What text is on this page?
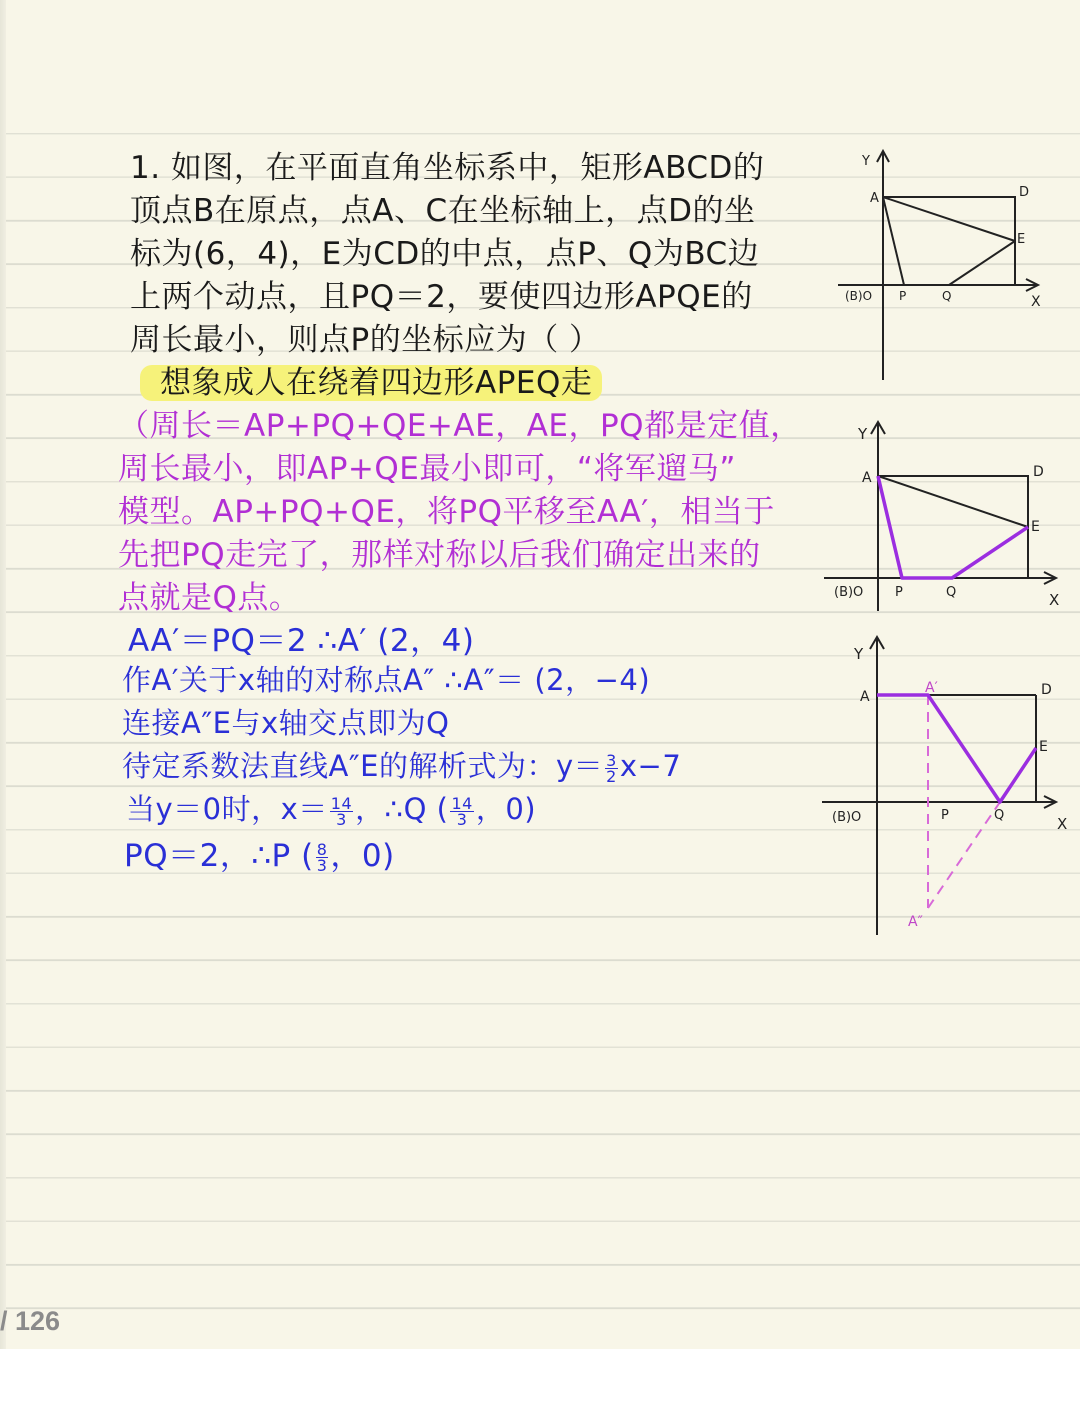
1. 如图，在平面直角坐标系中，矩形ABCD的
顶点B在原点，点A、C在坐标轴上，点D的坐
标为(6，4)，E为CD的中点，点P、Q为BC边
上两个动点，且PQ＝2，要使四边形APQE的
周长最小，则点P的坐标应为（ ）
想象成人在绕着四边形APEQ走
（周长＝AP+PQ+QE+AE，AE，PQ都是定值，
周长最小，即AP+QE最小即可，“将军遛马”
模型。AP+PQ+QE，将PQ平移至AA′，相当于
先把PQ走完了，那样对称以后我们确定出来的
点就是Q点。
AA′＝PQ＝2 ∴A′ (2，4)
作A′关于x轴的对称点A″ ∴A″＝ (2，−4)
连接A″E与x轴交点即为Q
待定系数法直线A″E的解析式为：$y= \frac{3}{2} x-7$
当y＝0时，$x= \frac{14}{3}$ ，∴Q ( $\frac{14}{3}$ ，0)
PQ＝2，∴P ( $\frac{8}{3}$ ，0)
Y
A	D
E
(B)O P	Q	X
Y
A	D
E
(B)O P	Q	X
Y
A
A′	D
E
(B)O	P	Q	X
A″
/ 126
